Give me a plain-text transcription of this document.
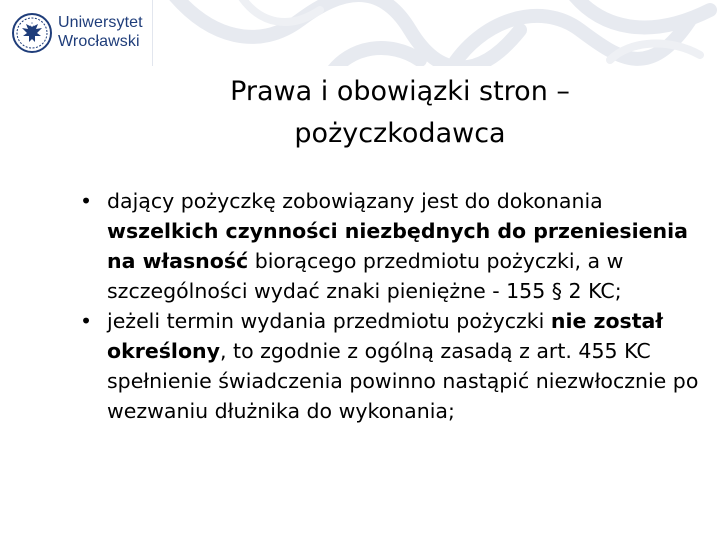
Uniwersytet
Wrocławski
Prawa i obowiązki stron –
pożyczkodawca
• dający pożyczkę zobowiązany jest do dokonania wszelkich czynności niezbędnych do przeniesienia na własność biorącego przedmiotu pożyczki, a w szczególności wydać znaki pieniężne - 155 § 2 KC;
• jeżeli termin wydania przedmiotu pożyczki nie został określony, to zgodnie z ogólną zasadą z art. 455 KC spełnienie świadczenia powinno nastąpić niezwłocznie po wezwaniu dłużnika do wykonania;
